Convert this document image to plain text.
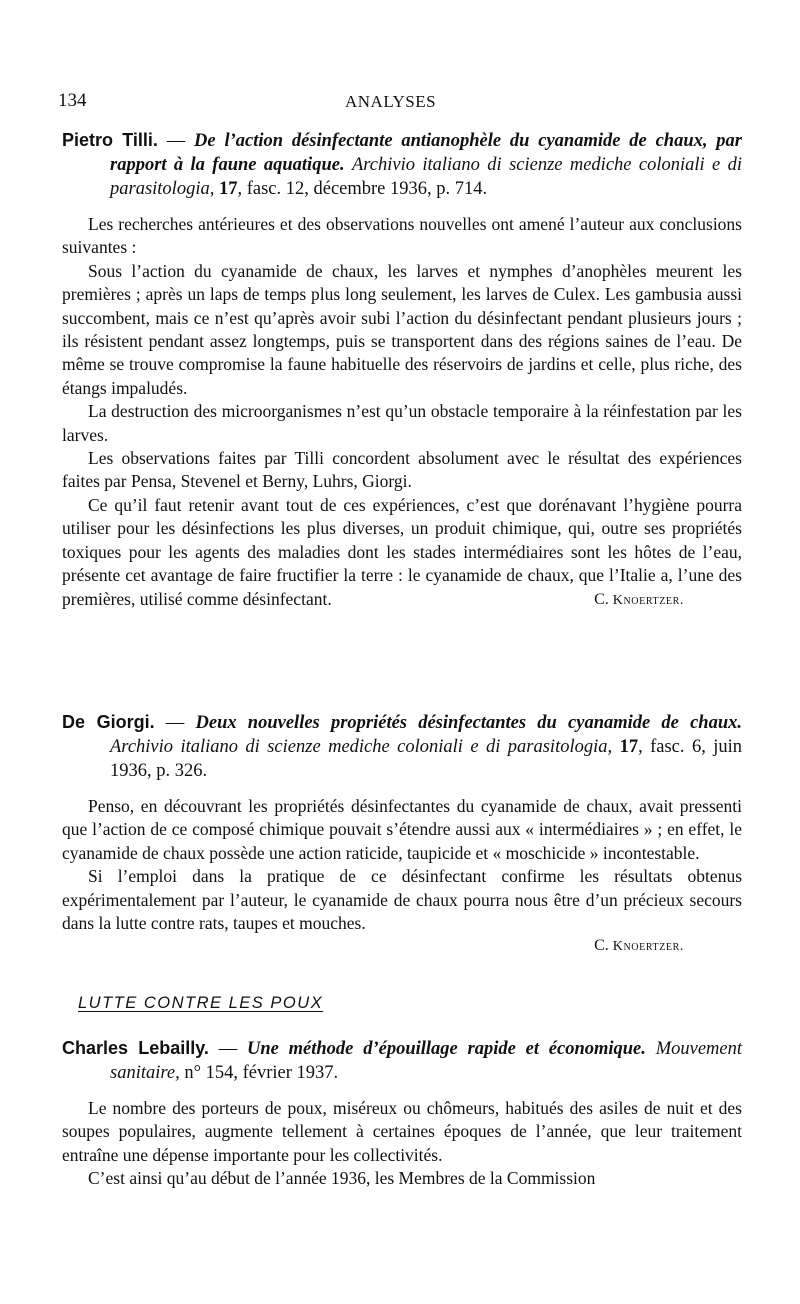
134	ANALYSES
Pietro Tilli. — De l’action désinfectante antianophèle du cyanamide de chaux, par rapport à la faune aquatique. Archivio italiano di scienze mediche coloniali e di parasitologia, 17, fasc. 12, décembre 1936, p. 714.

Les recherches antérieures et des observations nouvelles ont amené l’auteur aux conclusions suivantes :

Sous l’action du cyanamide de chaux, les larves et nymphes d’anophèles meurent les premières ; après un laps de temps plus long seulement, les larves de Culex. Les gambusia aussi succombent, mais ce n’est qu’après avoir subi l’action du désinfectant pendant plusieurs jours ; ils résistent pendant assez longtemps, puis se transportent dans des régions saines de l’eau. De même se trouve compromise la faune habituelle des réservoirs de jardins et celle, plus riche, des étangs impaludés.

La destruction des microorganismes n’est qu’un obstacle temporaire à la réinfestation par les larves.

Les observations faites par Tilli concordent absolument avec le résultat des expériences faites par Pensa, Stevenel et Berny, Luhrs, Giorgi.

Ce qu’il faut retenir avant tout de ces expériences, c’est que dorénavant l’hygiène pourra utiliser pour les désinfections les plus diverses, un produit chimique, qui, outre ses propriétés toxiques pour les agents des maladies dont les stades intermédiaires sont les hôtes de l’eau, présente cet avantage de faire fructifier la terre : le cyanamide de chaux, que l’Italie a, l’une des premières, utilisé comme désinfectant.	C. Knoertzer.

De Giorgi. — Deux nouvelles propriétés désinfectantes du cyanamide de chaux. Archivio italiano di scienze mediche coloniali e di parasitologia, 17, fasc. 6, juin 1936, p. 326.

Penso, en découvrant les propriétés désinfectantes du cyanamide de chaux, avait pressenti que l’action de ce composé chimique pouvait s’étendre aussi aux « intermédiaires » ; en effet, le cyanamide de chaux possède une action raticide, taupicide et « moschicide » incontestable.

Si l’emploi dans la pratique de ce désinfectant confirme les résultats obtenus expérimentalement par l’auteur, le cyanamide de chaux pourra nous être d’un précieux secours dans la lutte contre rats, taupes et mouches.

C. Knoertzer.
LUTTE CONTRE LES POUX
Charles Lebailly. — Une méthode d’épouillage rapide et économique. Mouvement sanitaire, n° 154, février 1937.

Le nombre des porteurs de poux, miséreux ou chômeurs, habitués des asiles de nuit et des soupes populaires, augmente tellement à certaines époques de l’année, que leur traitement entraîne une dépense importante pour les collectivités.

C’est ainsi qu’au début de l’année 1936, les Membres de la Commission
